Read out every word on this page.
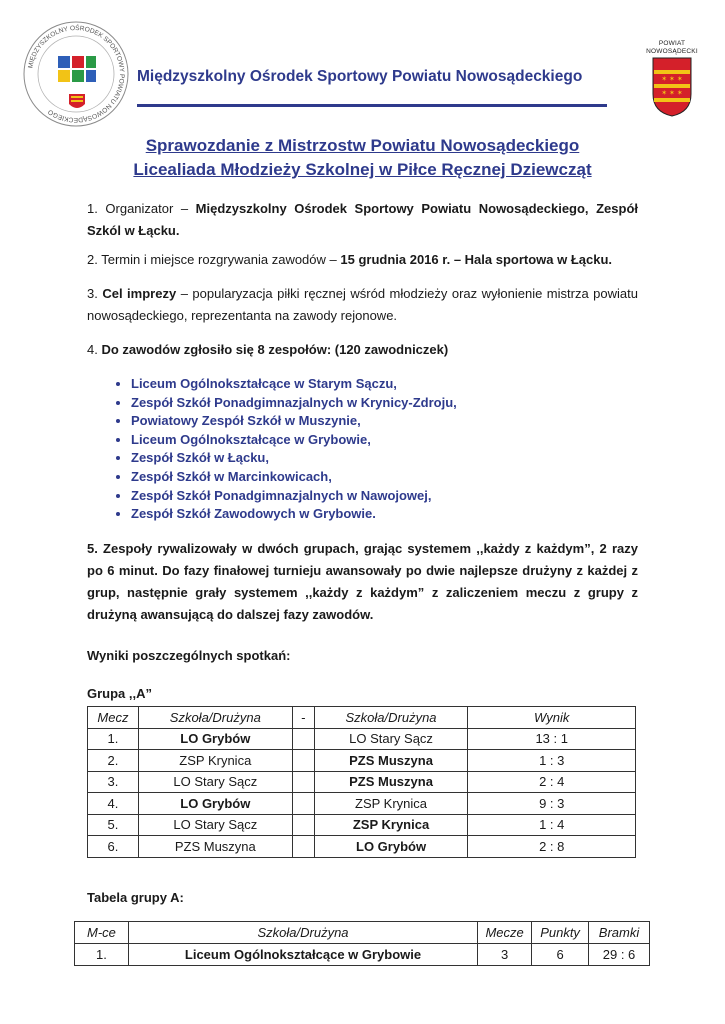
MIĘDZYSZKOLNY OŚRODEK SPORTOWY POWIATU NOWOSĄDECKIEGO
Międzyszkolny Ośrodek Sportowy Powiatu Nowosądeckiego
POWIAT
NOWOSĄDECKI
✶ ✶ ✶
✶ ✶ ✶
Sprawozdanie z Mistrzostw Powiatu Nowosądeckiego
Licealiada Młodzieży Szkolnej w Piłce Ręcznej Dziewcząt

1. Organizator – Międzyszkolny Ośrodek Sportowy Powiatu Nowosądeckiego, Zespół Szkól w Łącku.

2. Termin i miejsce rozgrywania zawodów – 15 grudnia 2016 r. – Hala sportowa w Łącku.

3. Cel imprezy – popularyzacja piłki ręcznej wśród młodzieży oraz wyłonienie mistrza powiatu nowosądeckiego, reprezentanta na zawody rejonowe.

4. Do zawodów zgłosiło się 8 zespołów: (120 zawodniczek)

• Liceum Ogólnokształcące w Starym Sączu,
• Zespół Szkół Ponadgimnazjalnych w Krynicy-Zdroju,
• Powiatowy Zespół Szkół w Muszynie,
• Liceum Ogólnokształcące w Grybowie,
• Zespół Szkół w Łącku,
• Zespół Szkół w Marcinkowicach,
• Zespół Szkół Ponadgimnazjalnych w Nawojowej,
• Zespół Szkół Zawodowych w Grybowie.

5. Zespoły rywalizowały w dwóch grupach, grając systemem ,,każdy z każdym”, 2 razy po 6 minut. Do fazy finałowej turnieju awansowały po dwie najlepsze drużyny z każdej z grup, następnie grały systemem ,,każdy z każdym” z zaliczeniem meczu z grupy z drużyną awansującą do dalszej fazy zawodów.

Wyniki poszczególnych spotkań:

Grupa ,,A”

Mecz	Szkoła/Drużyna	-	Szkoła/Drużyna	Wynik
1.	LO Grybów		LO Stary Sącz	13 : 1
2.	ZSP Krynica		PZS Muszyna	1 : 3
3.	LO Stary Sącz		PZS Muszyna	2 : 4
4.	LO Grybów		ZSP Krynica	9 : 3
5.	LO Stary Sącz		ZSP Krynica	1 : 4
6.	PZS Muszyna		LO Grybów	2 : 8
Tabela grupy A:
M-ce	Szkoła/Drużyna	Mecze	Punkty	Bramki
1.	Liceum Ogólnokształcące w Grybowie	3	6	29 : 6
